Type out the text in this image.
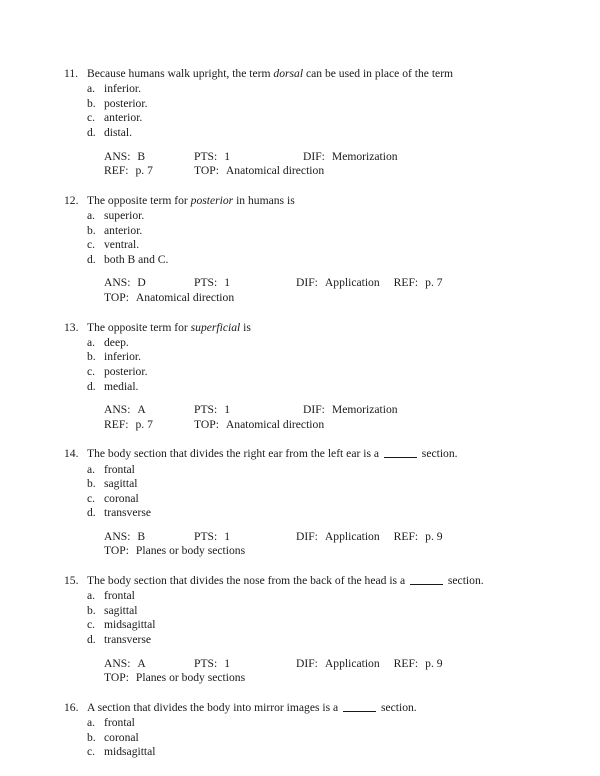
11. Because humans walk upright, the term dorsal can be used in place of the term
a. inferior.
b. posterior.
c. anterior.
d. distal.
ANS: B	PTS: 1	DIF: Memorization
REF: p. 7	TOP: Anatomical direction
12. The opposite term for posterior in humans is
a. superior.
b. anterior.
c. ventral.
d. both B and C.
ANS: D	PTS: 1	DIF: Application REF: p. 7
TOP: Anatomical direction
13. The opposite term for superficial is
a. deep.
b. inferior.
c. posterior.
d. medial.
ANS: A	PTS: 1	DIF: Memorization
REF: p. 7	TOP: Anatomical direction
14. The body section that divides the right ear from the left ear is a	section.
a. frontal
b. sagittal
c. coronal
d. transverse
ANS: B	PTS: 1	DIF: Application REF: p. 9
TOP: Planes or body sections
15. The body section that divides the nose from the back of the head is a	section.
a. frontal
b. sagittal
c. midsagittal
d. transverse
ANS: A	PTS: 1	DIF: Application REF: p. 9
TOP: Planes or body sections
16. A section that divides the body into mirror images is a	section.
a. frontal
b. coronal
c. midsagittal
